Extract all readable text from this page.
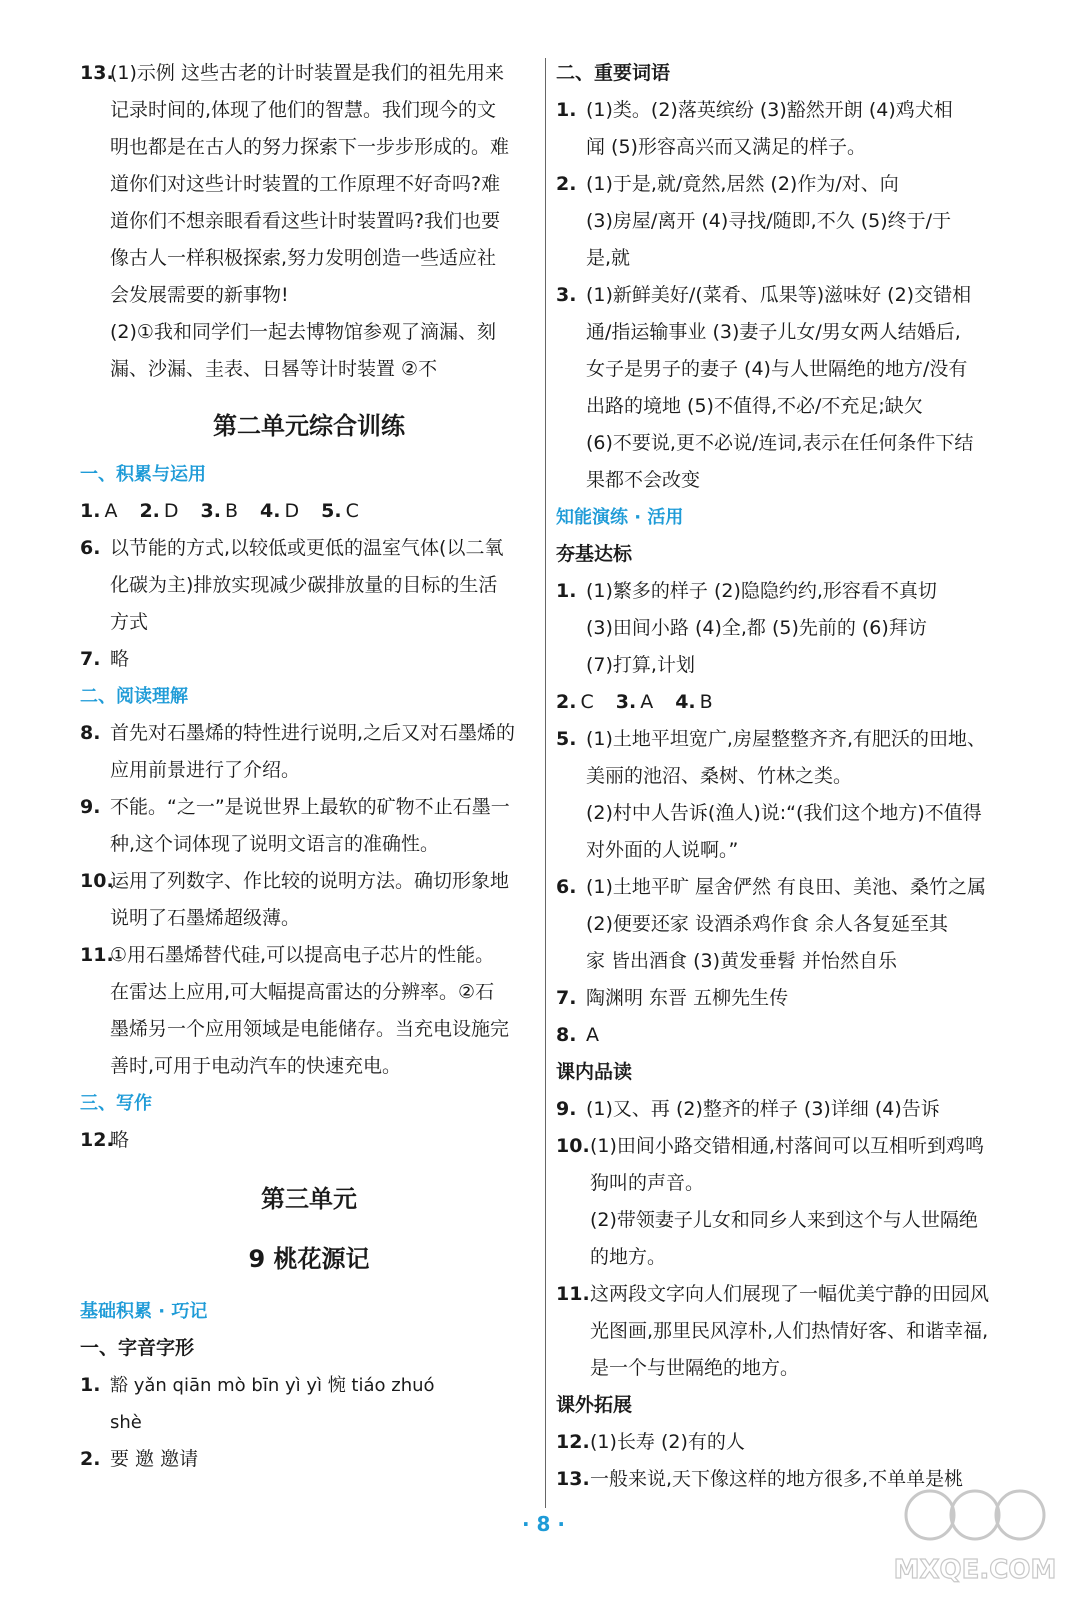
13.
(1)示例 这些古老的计时装置是我们的祖先用来
记录时间的,体现了他们的智慧。我们现今的文
明也都是在古人的努力探索下一步步形成的。难
道你们对这些计时装置的工作原理不好奇吗?难
道你们不想亲眼看看这些计时装置吗?我们也要
像古人一样积极探索,努力发明创造一些适应社
会发展需要的新事物!
(2)①我和同学们一起去博物馆参观了滴漏、刻
漏、沙漏、圭表、日晷等计时装置 ②不
第二单元综合训练
一、积累与运用
1. A 2. D 3. B 4. D 5. C
6. 以节能的方式,以较低或更低的温室气体(以二氧
化碳为主)排放实现减少碳排放量的目标的生活
方式
7. 略
二、阅读理解
8. 首先对石墨烯的特性进行说明,之后又对石墨烯的
应用前景进行了介绍。
9. 不能。“之一”是说世界上最软的矿物不止石墨一
种,这个词体现了说明文语言的准确性。
10.
运用了列数字、作比较的说明方法。确切形象地
说明了石墨烯超级薄。
11.
①用石墨烯替代硅,可以提高电子芯片的性能。
在雷达上应用,可大幅提高雷达的分辨率。②石
墨烯另一个应用领域是电能储存。当充电设施完
善时,可用于电动汽车的快速充电。
三、写作
12.
略
第三单元
9 桃花源记
基础积累 · 巧记
一、字音字形
1. 豁 yǎn qiān mò bīn yì yì 惋 tiáo zhuó
shè
2. 要 邀 邀请
二、重要词语
1. (1)类。(2)落英缤纷 (3)豁然开朗 (4)鸡犬相
闻 (5)形容高兴而又满足的样子。
2. (1)于是,就/竟然,居然 (2)作为/对、向
(3)房屋/离开 (4)寻找/随即,不久 (5)终于/于
是,就
3. (1)新鲜美好/(菜肴、瓜果等)滋味好 (2)交错相
通/指运输事业 (3)妻子儿女/男女两人结婚后,
女子是男子的妻子 (4)与人世隔绝的地方/没有
出路的境地 (5)不值得,不必/不充足;缺欠
(6)不要说,更不必说/连词,表示在任何条件下结
果都不会改变
知能演练 · 活用
夯基达标
1. (1)繁多的样子 (2)隐隐约约,形容看不真切
(3)田间小路 (4)全,都 (5)先前的 (6)拜访
(7)打算,计划
2. C 3. A 4. B
5. (1)土地平坦宽广,房屋整整齐齐,有肥沃的田地、
美丽的池沼、桑树、竹林之类。
(2)村中人告诉(渔人)说:“(我们这个地方)不值得
对外面的人说啊。”
6. (1)土地平旷 屋舍俨然 有良田、美池、桑竹之属
(2)便要还家 设酒杀鸡作食 余人各复延至其
家 皆出酒食 (3)黄发垂髫 并怡然自乐
7. 陶渊明 东晋 五柳先生传
8. A
课内品读
9. (1)又、再 (2)整齐的样子 (3)详细 (4)告诉
10. (1)田间小路交错相通,村落间可以互相听到鸡鸣
狗叫的声音。
(2)带领妻子儿女和同乡人来到这个与人世隔绝
的地方。
11. 这两段文字向人们展现了一幅优美宁静的田园风
光图画,那里民风淳朴,人们热情好客、和谐幸福,
是一个与世隔绝的地方。
课外拓展
12. (1)长寿 (2)有的人
13. 一般来说,天下像这样的地方很多,不单单是桃
· 8 ·
MXQE.COM
